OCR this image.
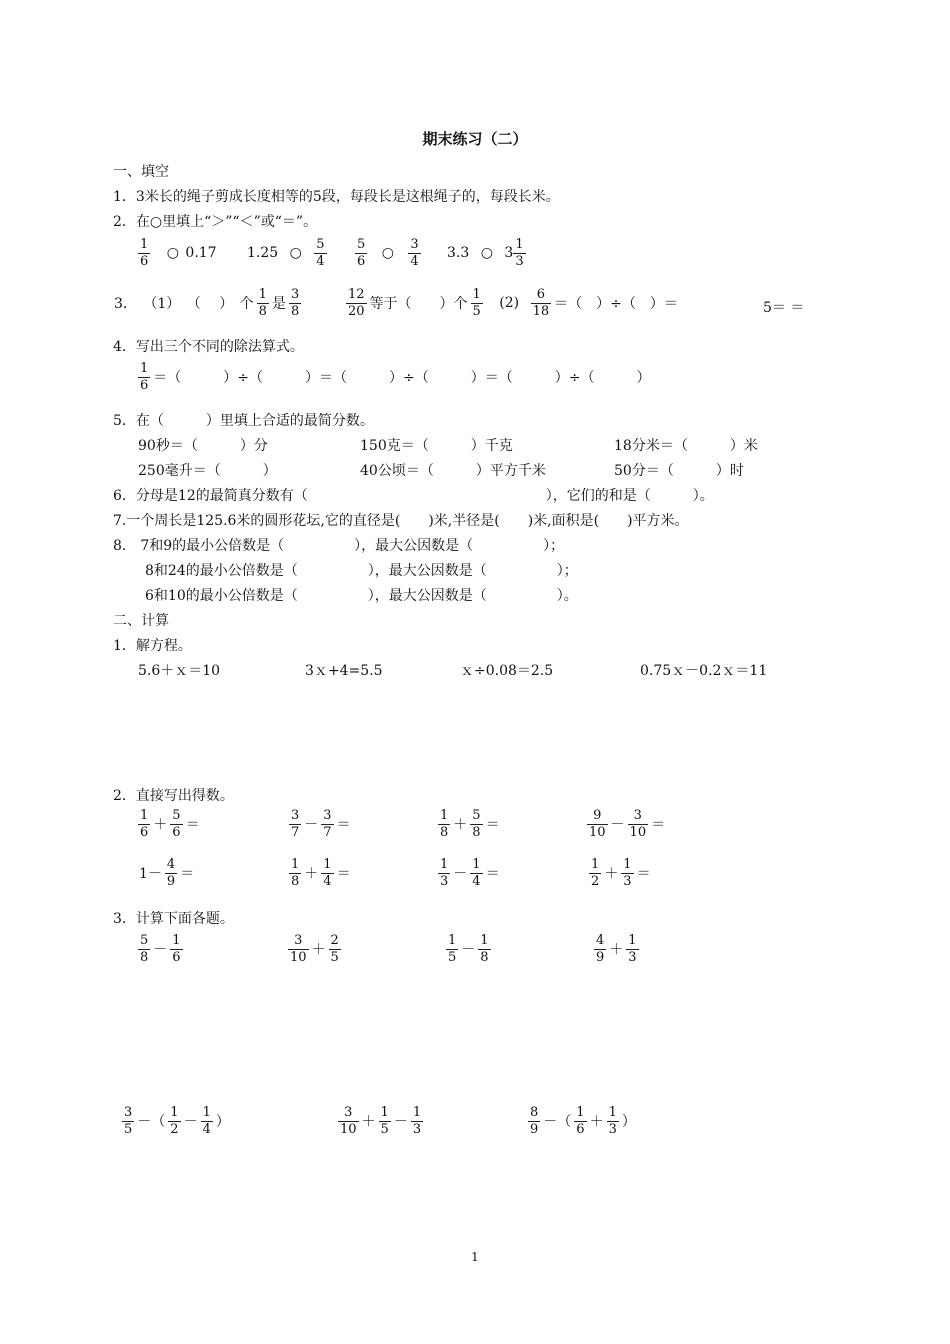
期末练习（二）
一、填空
1．3米长的绳子剪成长度相等的5段，每段长是这根绳子的，每段长米。
2．在○里填上“＞”“＜”或“＝”。
$\frac{1}{6}$ ○ 0.17 1.25 ○ $\frac{5}{4} \frac{5}{6}$ ○ $\frac{3}{4} 3.3$ ○ $3 \frac{1}{3}$
3． （1） （　 ） 个 $\frac{1}{8}$ 是 $\frac{3}{8}$	$\frac{12}{20}$ 等于（　　）个 $\frac{1}{5} (2) \frac{6}{18}$ ＝（　）÷（　）＝	5＝ ＝
4．写出三个不同的除法算式。
$\frac{1}{6}$ ＝（　　　）÷（　　　）＝（　　　）÷（　　　）＝（　　　）÷（　　　）
5．在（　　　）里填上合适的最简分数。
90秒＝（　　　）分	150克＝（　　　）千克	18分米＝（　　　）米
250毫升＝（　　　）	40公顷＝（　　　）平方千米	50分＝（　　　）时
6．分母是12的最简真分数有（　　　　　　　　　　　　　　　　　），它们的和是（　　　）。
7.一个周长是125.6米的圆形花坛,它的直径是(　　)米,半径是(　　)米,面积是(　　)平方米。
8． 7和9的最小公倍数是（　　　　　），最大公因数是（　　　　　）；
8和24的最小公倍数是（　　　　　），最大公因数是（　　　　　）；
6和10的最小公倍数是（　　　　　），最大公因数是（　　　　　）。
二、计算
1．解方程。
5.6＋ｘ＝10	3ｘ+4=5.5	ｘ÷0.08＝2.5	0.75ｘ－0.2ｘ＝11
2．直接写出得数。
$\frac{1}{6} + \frac{5}{6}$ ＝	$\frac{3}{7} - \frac{3}{7}$ ＝	$\frac{1}{8} + \frac{5}{8}$ ＝	$\frac{9}{10} - \frac{3}{10}$ ＝
$1- \frac{4}{9}$ ＝	$\frac{1}{8} + \frac{1}{4}$ ＝	$\frac{1}{3} - \frac{1}{4}$ ＝	$\frac{1}{2} + \frac{1}{3}$ ＝
3．计算下面各题。
$\frac{5}{8} - \frac{1}{6}$	$\frac{3}{10} + \frac{2}{5}$	$\frac{1}{5} - \frac{1}{8}$	$\frac{4}{9} + \frac{1}{3}$
$\frac{3}{5}$ －（ $\frac{1}{2} - \frac{1}{4}$ ）	$\frac{3}{10} + \frac{1}{5} - \frac{1}{3}$	$\frac{8}{9}$ －（ $\frac{1}{6} + \frac{1}{3}$ ）
1
